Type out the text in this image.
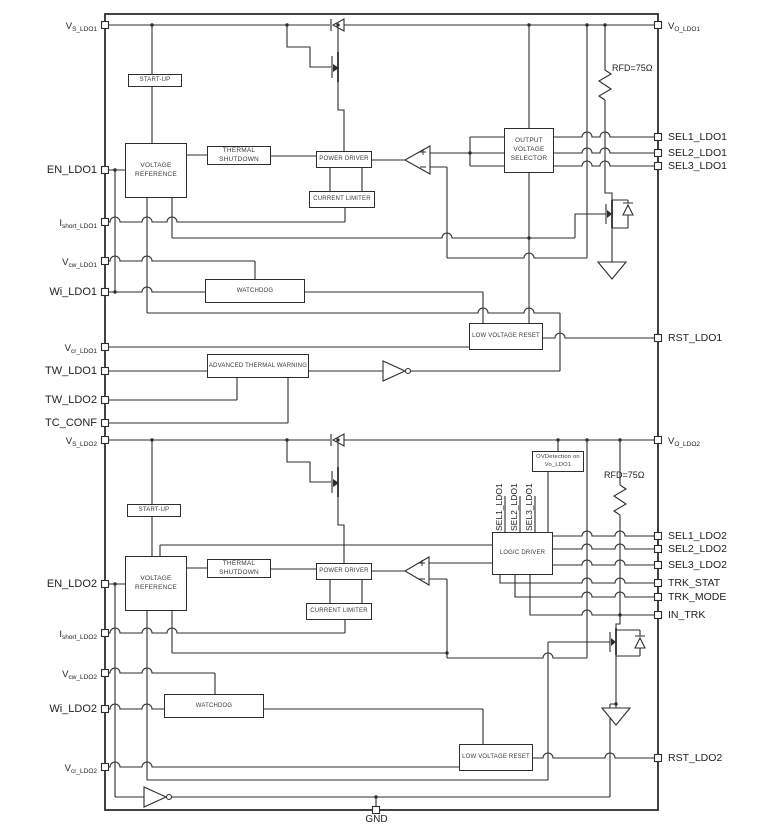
START-UP
VOLTAGE REFERENCE
THERMAL SHUTDOWN	POWER DRIVER
CURRENT LIMITER
OUTPUT VOLTAGE SELECTOR
WATCHDOG
LOW VOLTAGE RESET
ADVANCED THERMAL WARNING
START-UP
VOLTAGE REFERENCE
THERMAL SHUTDOWN	POWER DRIVER
CURRENT LIMITER
OVDetection on Vo_LDO1
LOGIC DRIVER
WATCHDOG
LOW VOLTAGE RESET
VS_LDO1
EN_LDO1
Ishort_LDO1
Vcw_LDO1
Wi_LDO1
Vcr_LDO1
TW_LDO1
TW_LDO2
TC_CONF
VS_LDO2
EN_LDO2
Ishort_LDO2
Vcw_LDO2
Wi_LDO2
Vcr_LDO2
VO_LDO1
SEL1_LDO1
SEL2_LDO1
SEL3_LDO1
RST_LDO1
VO_LDO2
SEL1_LDO2
SEL2_LDO2
SEL3_LDO2
TRK_STAT
TRK_MODE
IN_TRK
RST_LDO2
GND
RFD=75Ω
RFD=75Ω
SEL1_LDO1 SEL2_LDO1 SEL3_LDO1
